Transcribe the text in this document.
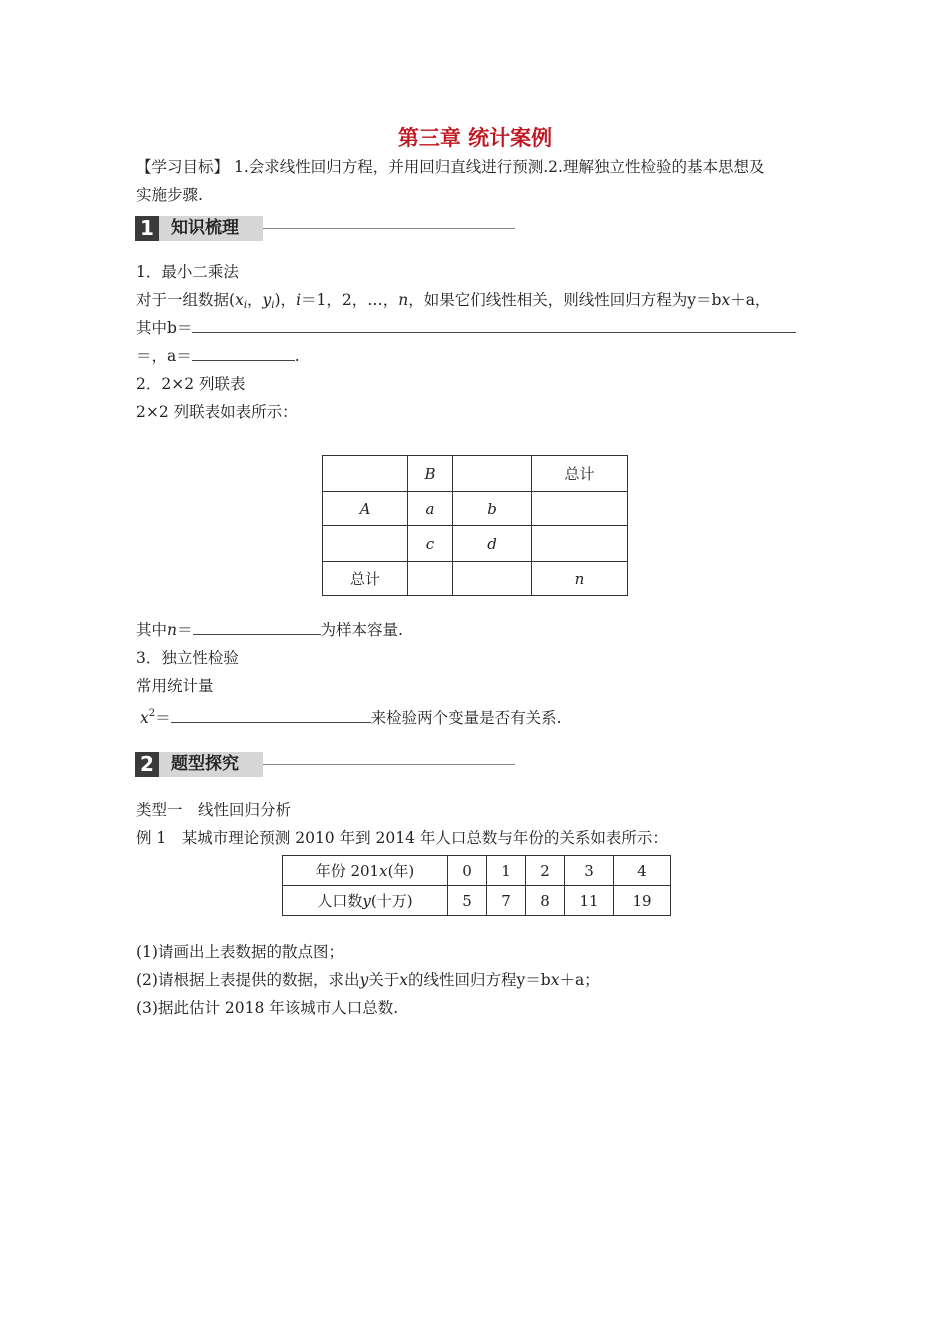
第三章 统计案例
【学习目标】 1.会求线性回归方程，并用回归直线进行预测.2.理解独立性检验的基本思想及
实施步骤.
1	知识梳理
1．最小二乘法
对于一组数据($x_i$，$y_i$)，i＝1，2，…，n，如果它们线性相关，则线性回归方程为y＝bx＋a，
其中b＝
＝，a＝	.
2．2×2 列联表
2×2 列联表如表所示：
	B		总计
A	a	b	
	c	d	
总计			n
其中n＝	为样本容量.
3．独立性检验
常用统计量
$x^2=$	来检验两个变量是否有关系.
2	题型探究
类型一　线性回归分析
例 1　某城市理论预测 2010 年到 2014 年人口总数与年份的关系如表所示：
年份 201x(年)	0	1	2	3	4
人口数y(十万)	5	7	8	11	19
(1)请画出上表数据的散点图；
(2)请根据上表提供的数据，求出y关于x的线性回归方程y＝bx＋a；
(3)据此估计 2018 年该城市人口总数.
